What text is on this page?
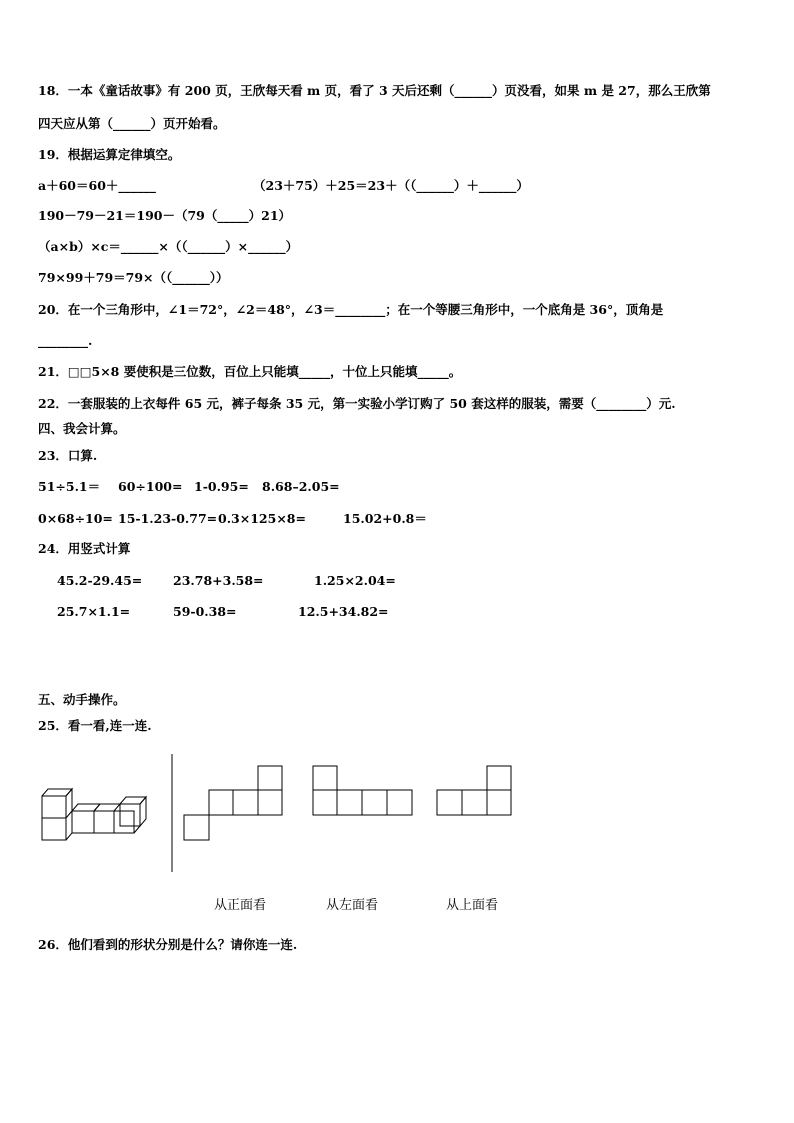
18．一本《童话故事》有 200 页，王欣每天看 m 页，看了 3 天后还剩（______）页没看，如果 m 是 27，那么王欣第
四天应从第（______）页开始看。
19．根据运算定律填空。
a＋60＝60＋______	（23＋75）＋25＝23＋（（______）＋______）
190－79－21＝190－（79（_____）21）
（a×b）×c＝______×（（______）×______）
79×99＋79＝79×（（______））
20．在一个三角形中，∠1＝72°，∠2＝48°，∠3＝________；在一个等腰三角形中，一个底角是 36°，顶角是
________.
21．□□5×8 要使积是三位数，百位上只能填_____，十位上只能填_____。
22．一套服装的上衣每件 65 元，裤子每条 35 元，第一实验小学订购了 50 套这样的服装，需要（________）元.
四、我会计算。
23．口算.
51÷5.1＝ 60÷100= 1-0.95= 8.68–2.05=
0×68÷10= 15-1.23-0.77= 0.3×125×8=	15.02+0.8＝
24．用竖式计算
45.2-29.45= 23.78+3.58=	1.25×2.04=
25.7×1.1=	59-0.38=	12.5+34.82=
五、动手操作。
25．看一看,连一连.
从正面看	从左面看	从上面看
26．他们看到的形状分别是什么？请你连一连.
